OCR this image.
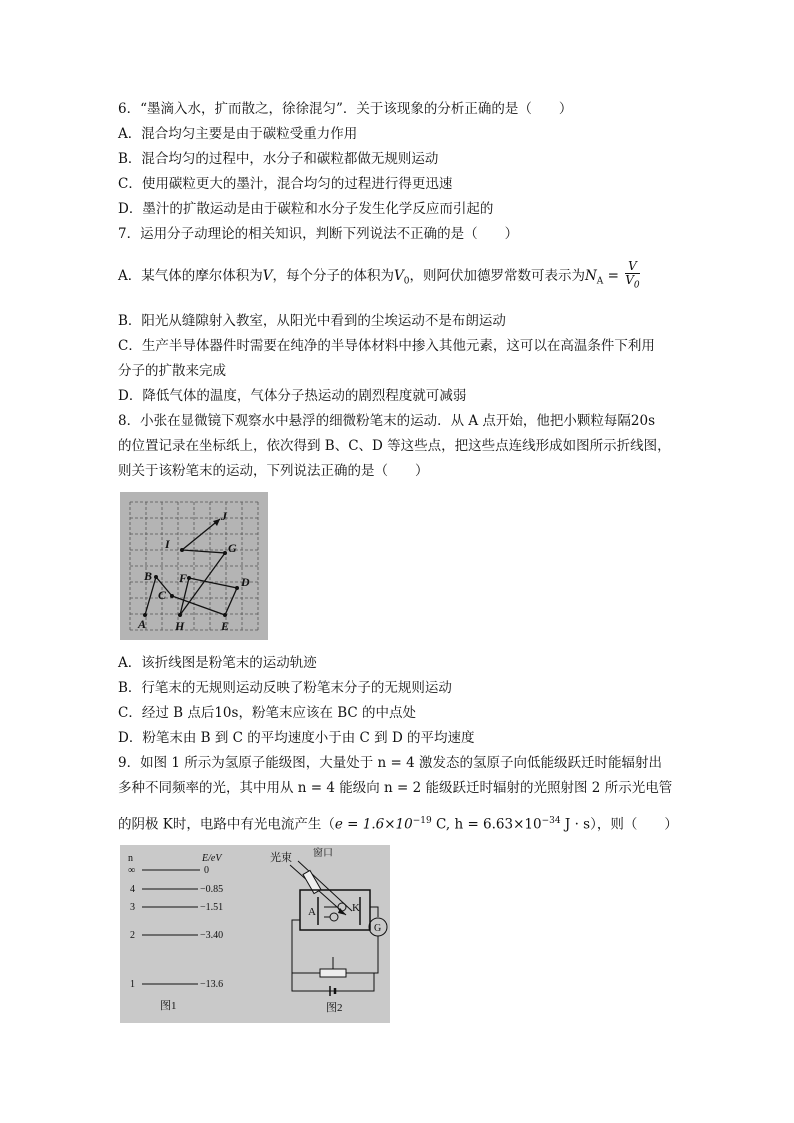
6．“墨滴入水，扩而散之，徐徐混匀”．关于该现象的分析正确的是（　　）
A．混合均匀主要是由于碳粒受重力作用
B．混合均匀的过程中，水分子和碳粒都做无规则运动
C．使用碳粒更大的墨汁，混合均匀的过程进行得更迅速
D．墨汁的扩散运动是由于碳粒和水分子发生化学反应而引起的
7．运用分子动理论的相关知识，判断下列说法不正确的是（　　）
A．某气体的摩尔体积为V，每个分子的体积为$V_0$，则阿伏加德罗常数可表示为$N_A = \frac{V}{V_0}$
B．阳光从缝隙射入教室，从阳光中看到的尘埃运动不是布朗运动
C．生产半导体器件时需要在纯净的半导体材料中掺入其他元素，这可以在高温条件下利用
分子的扩散来完成
D．降低气体的温度，气体分子热运动的剧烈程度就可减弱
8．小张在显微镜下观察水中悬浮的细微粉笔末的运动．从 A 点开始，他把小颗粒每隔20s
的位置记录在坐标纸上，依次得到 B、C、D 等这些点，把这些点连线形成如图所示折线图，
则关于该粉笔末的运动，下列说法正确的是（　　）
A
B
C
D
E
F
G
H
I
J
A．该折线图是粉笔末的运动轨迹
B．行笔末的无规则运动反映了粉笔末分子的无规则运动
C．经过 B 点后10s，粉笔末应该在 BC 的中点处
D．粉笔末由 B 到 C 的平均速度小于由 C 到 D 的平均速度
9．如图 1 所示为氢原子能级图，大量处于 n = 4 激发态的氢原子向低能级跃迁时能辐射出
多种不同频率的光，其中用从 n = 4 能级向 n = 2 能级跃迁时辐射的光照射图 2 所示光电管
的阴极 K时，电路中有光电流产生（$e = 1.6\times 10^{-19}$ C, $h = 6.63\times 10^{-34}$ J · s），则（　　）
n	E/eV
∞	0
4	−0.85
3	−1.51
2	−3.40
1	−13.6
图1
光束 窗口
A	K
G
图2
